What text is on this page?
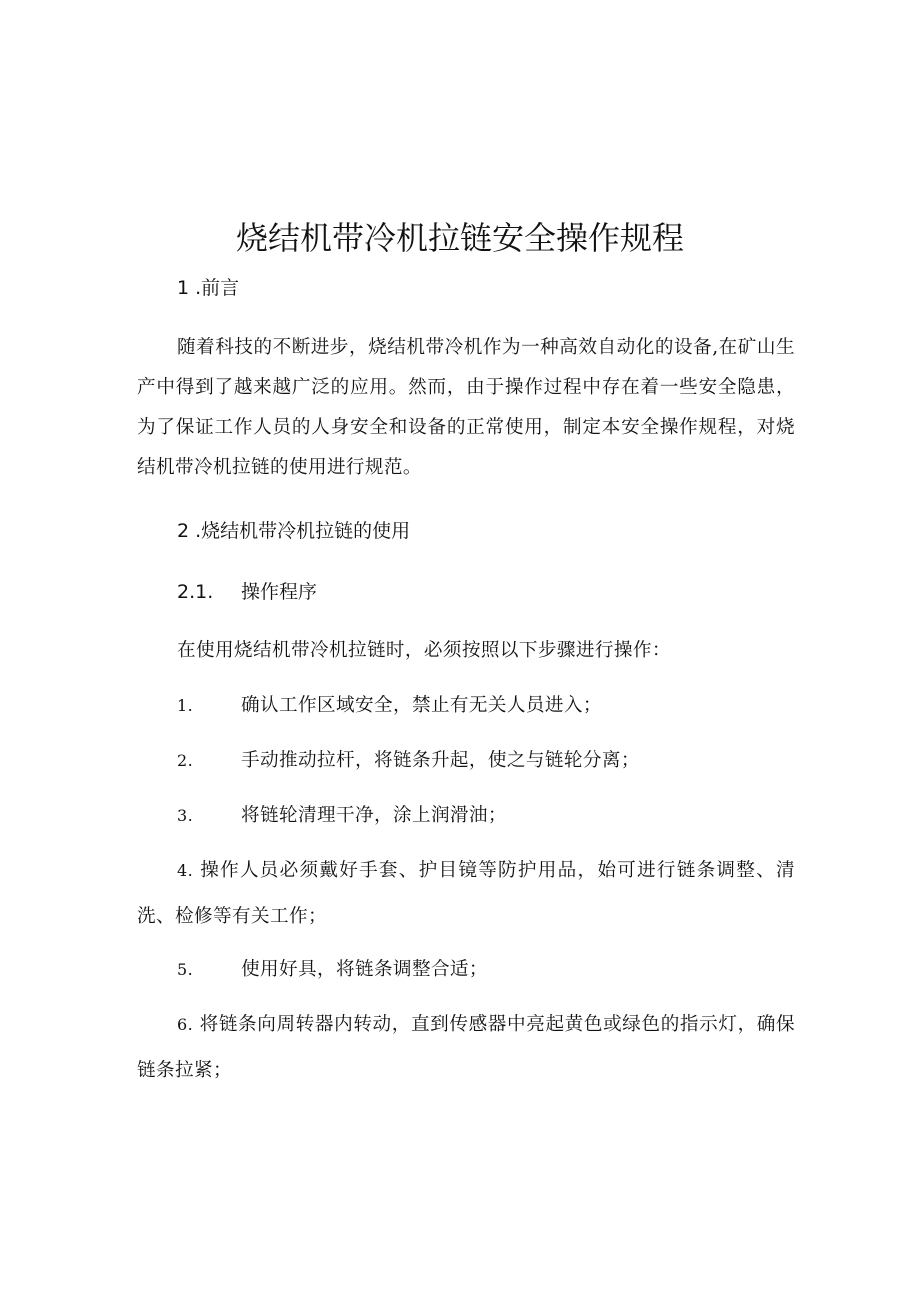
烧结机带冷机拉链安全操作规程
1 .前言
随着科技的不断进步，烧结机带冷机作为一种高效自动化的设备,在矿山生产中得到了越来越广泛的应用。然而，由于操作过程中存在着一些安全隐患，为了保证工作人员的人身安全和设备的正常使用，制定本安全操作规程，对烧结机带冷机拉链的使用进行规范。
2 .烧结机带冷机拉链的使用
2.1. 操作程序
在使用烧结机带冷机拉链时，必须按照以下步骤进行操作：
1.	确认工作区域安全，禁止有无关人员进入；
2.	手动推动拉杆，将链条升起，使之与链轮分离；
3.	将链轮清理干净，涂上润滑油；
4. 操作人员必须戴好手套、护目镜等防护用品，始可进行链条调整、清洗、检修等有关工作；
5.	使用好具，将链条调整合适；
6. 将链条向周转器内转动，直到传感器中亮起黄色或绿色的指示灯，确保链条拉紧；
